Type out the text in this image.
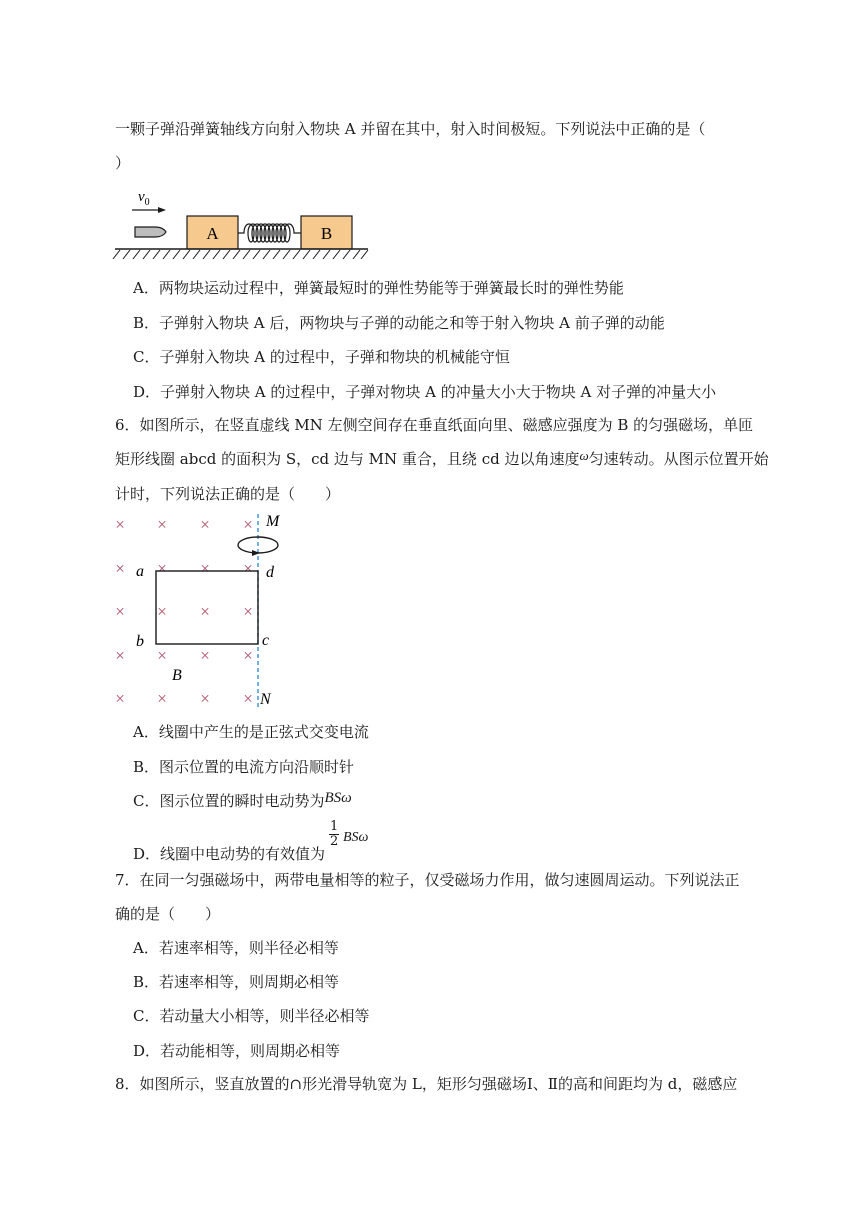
一颗子弹沿弹簧轴线方向射入物块 A 并留在其中，射入时间极短。下列说法中正确的是（
）
$v_0$
A	B
A．两物块运动过程中，弹簧最短时的弹性势能等于弹簧最长时的弹性势能
B．子弹射入物块 A 后，两物块与子弹的动能之和等于射入物块 A 前子弹的动能
C．子弹射入物块 A 的过程中，子弹和物块的机械能守恒
D．子弹射入物块 A 的过程中，子弹对物块 A 的冲量大小大于物块 A 对子弹的冲量大小
6．如图所示，在竖直虚线 MN 左侧空间存在垂直纸面向里、磁感应强度为 B 的匀强磁场，单匝
矩形线圈 abcd 的面积为 S，cd 边与 MN 重合，且绕 cd 边以角速度ω匀速转动。从图示位置开始
计时，下列说法正确的是（　　）
× × × ×
× × × ×
× × × ×
× × × ×
× × × ×
M
d
a
b	c
B
N
A．线圈中产生的是正弦式交变电流
B．图示位置的电流方向沿顺时针
C．图示位置的瞬时电动势为BSω
D．线圈中电动势的有效值为
$\frac{1}{2}$ BSω
7．在同一匀强磁场中，两带电量相等的粒子，仅受磁场力作用，做匀速圆周运动。下列说法正
确的是（　　）
A．若速率相等，则半径必相等
B．若速率相等，则周期必相等
C．若动量大小相等，则半径必相等
D．若动能相等，则周期必相等
8．如图所示，竖直放置的∩形光滑导轨宽为 L，矩形匀强磁场Ⅰ、Ⅱ的高和间距均为 d，磁感应
